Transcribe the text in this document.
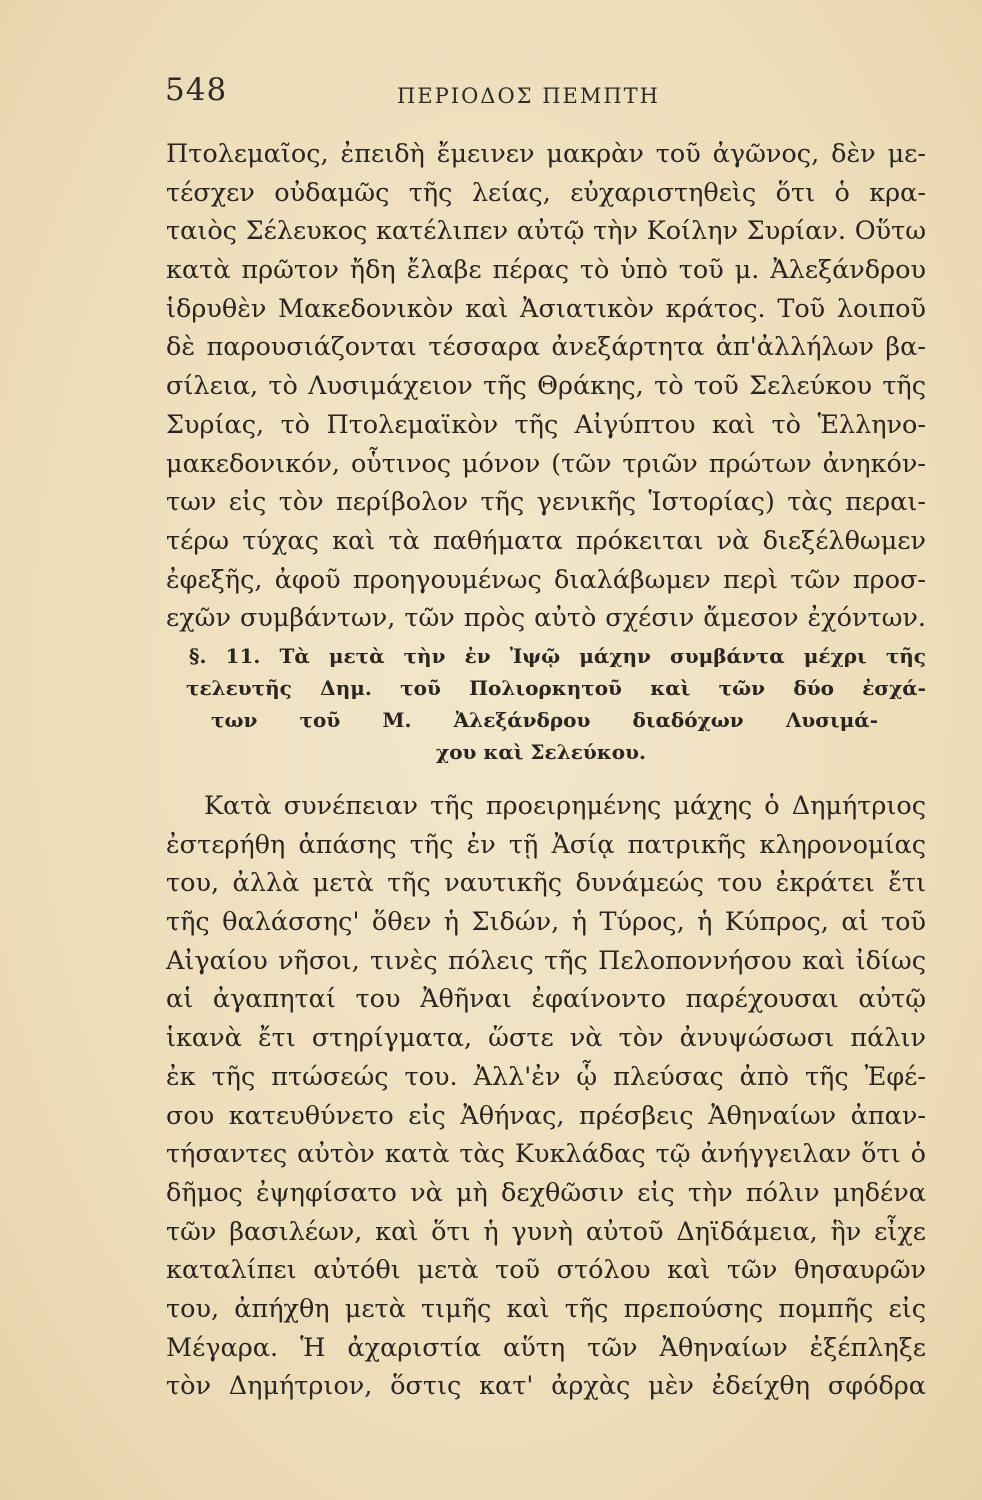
548	ΠΕΡΙΟΔΟΣ ΠΕΜΠΤΗ
Πτολεμαῖος, ἐπειδὴ ἔμεινεν μακρὰν τοῦ ἀγῶνος, δὲν με-
τέσχεν οὐδαμῶς τῆς λείας, εὐχαριστηθεὶς ὅτι ὁ κρα-
ταιὸς Σέλευκος κατέλιπεν αὐτῷ τὴν Κοίλην Συρίαν. Οὕτω
κατὰ πρῶτον ἤδη ἔλαβε πέρας τὸ ὑπὸ τοῦ μ. Ἀλεξάνδρου
ἱδρυθὲν Μακεδονικὸν καὶ Ἀσιατικὸν κράτος. Τοῦ λοιποῦ
δὲ παρουσιάζονται τέσσαρα ἀνεξάρτητα ἀπ'ἀλλήλων βα-
σίλεια, τὸ Λυσιμάχειον τῆς Θράκης, τὸ τοῦ Σελεύκου τῆς
Συρίας, τὸ Πτολεμαϊκὸν τῆς Αἰγύπτου καὶ τὸ Ἑλληνο-
μακεδονικόν, οὗτινος μόνον (τῶν τριῶν πρώτων ἀνηκόν-
των εἰς τὸν περίβολον τῆς γενικῆς Ἱστορίας) τὰς περαι-
τέρω τύχας καὶ τὰ παθήματα πρόκειται νὰ διεξέλθωμεν
ἐφεξῆς, ἀφοῦ προηγουμένως διαλάβωμεν περὶ τῶν προσ-
εχῶν συμβάντων, τῶν πρὸς αὐτὸ σχέσιν ἄμεσον ἐχόντων.
§. 11. Τὰ μετὰ τὴν ἐν Ἰψῷ μάχην συμβάντα μέχρι τῆς
τελευτῆς Δημ. τοῦ Πολιορκητοῦ καὶ τῶν δύο ἐσχά-
των τοῦ Μ. Ἀλεξάνδρου διαδόχων Λυσιμά-
χου καὶ Σελεύκου.
Κατὰ συνέπειαν τῆς προειρημένης μάχης ὁ Δημήτριος
ἐστερήθη ἁπάσης τῆς ἐν τῇ Ἀσίᾳ πατρικῆς κληρονομίας
του, ἀλλὰ μετὰ τῆς ναυτικῆς δυνάμεώς του ἐκράτει ἔτι
τῆς θαλάσσης' ὅθεν ἡ Σιδών, ἡ Τύρος, ἡ Κύπρος, αἱ τοῦ
Αἰγαίου νῆσοι, τινὲς πόλεις τῆς Πελοποννήσου καὶ ἰδίως
αἱ ἀγαπηταί του Ἀθῆναι ἐφαίνοντο παρέχουσαι αὐτῷ
ἱκανὰ ἔτι στηρίγματα, ὥστε νὰ τὸν ἀνυψώσωσι πάλιν
ἐκ τῆς πτώσεώς του. Ἀλλ'ἐν ᾧ πλεύσας ἀπὸ τῆς Ἐφέ-
σου κατευθύνετο εἰς Ἀθήνας, πρέσβεις Ἀθηναίων ἀπαν-
τήσαντες αὐτὸν κατὰ τὰς Κυκλάδας τῷ ἀνήγγειλαν ὅτι ὁ
δῆμος ἐψηφίσατο νὰ μὴ δεχθῶσιν εἰς τὴν πόλιν μηδένα
τῶν βασιλέων, καὶ ὅτι ἡ γυνὴ αὐτοῦ Δηϊδάμεια, ἣν εἶχε
καταλίπει αὐτόθι μετὰ τοῦ στόλου καὶ τῶν θησαυρῶν
του, ἀπήχθη μετὰ τιμῆς καὶ τῆς πρεπούσης πομπῆς εἰς
Μέγαρα. Ἡ ἀχαριστία αὕτη τῶν Ἀθηναίων ἐξέπληξε
τὸν Δημήτριον, ὅστις κατ' ἀρχὰς μὲν ἐδείχθη σφόδρα
